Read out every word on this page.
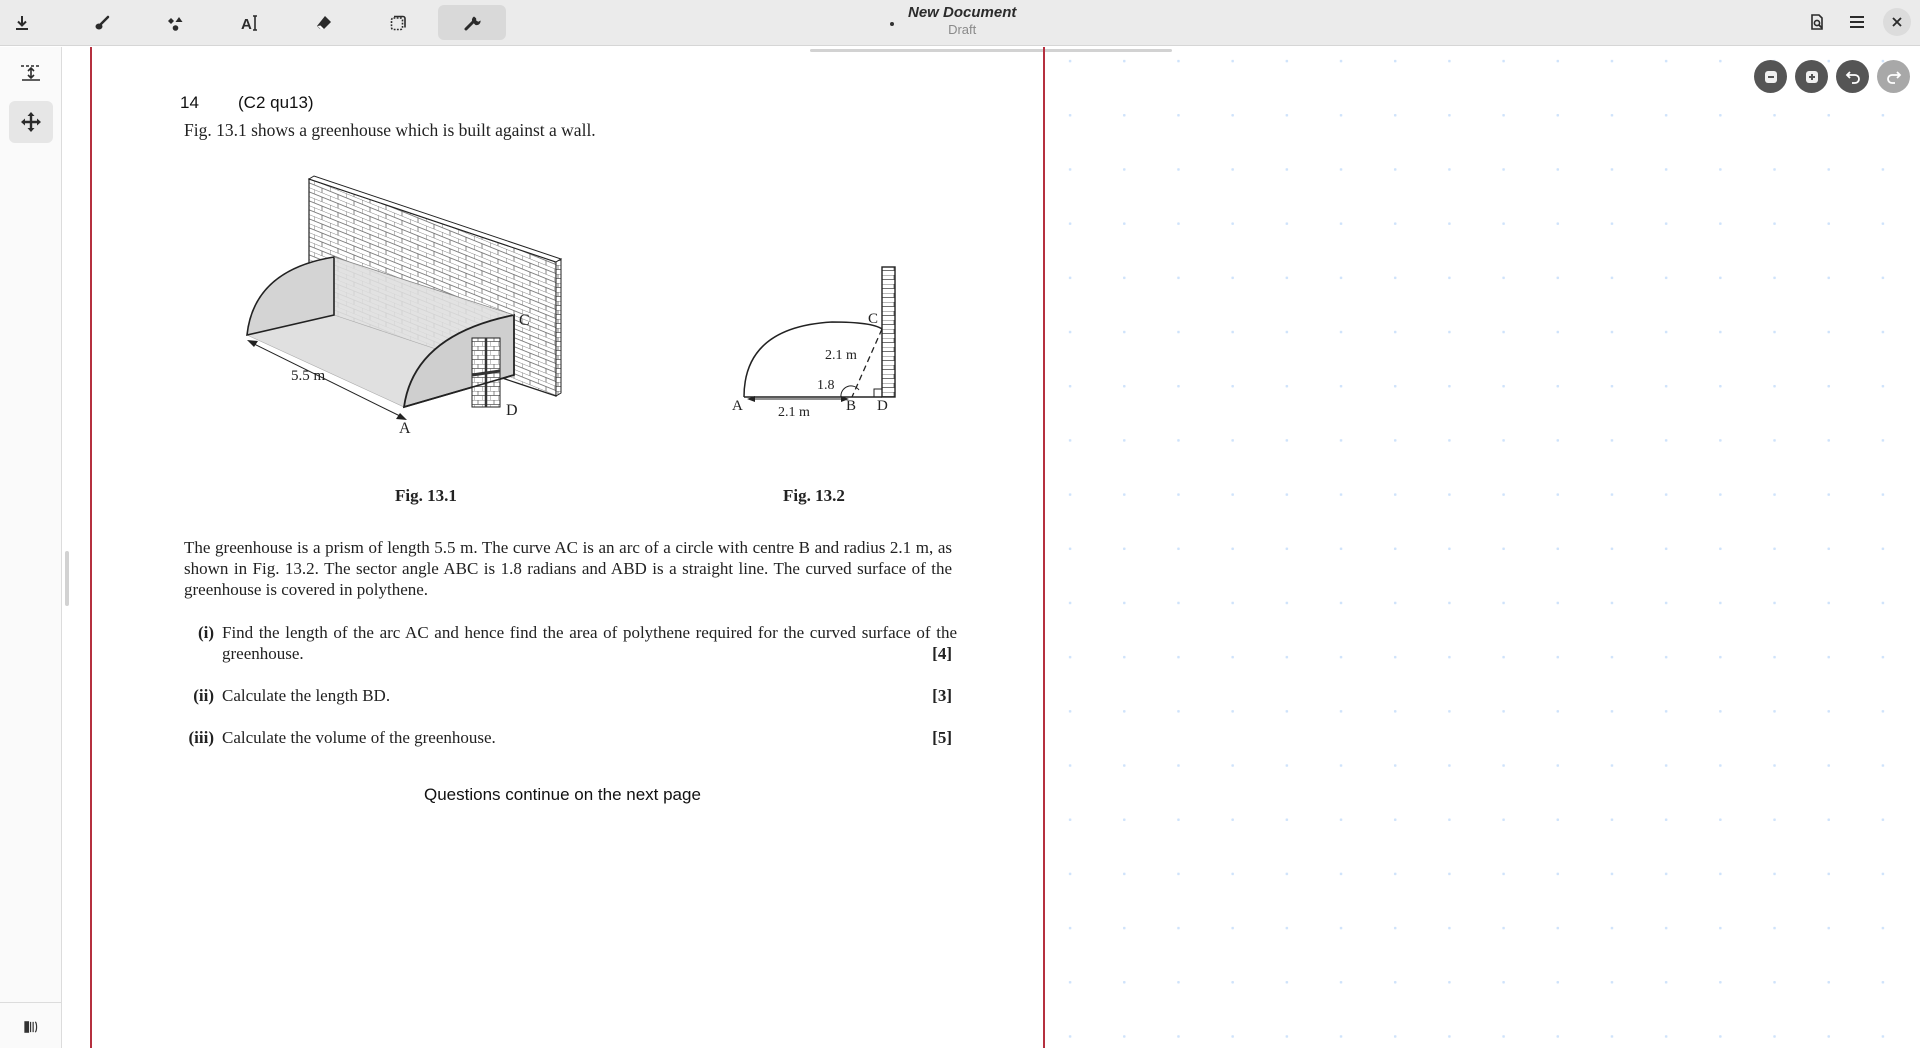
A
New Document
Draft
14 (C2 qu13)
Fig. 13.1 shows a greenhouse which is built against a wall.
5.5 m
C
D
A
Fig. 13.1
C
2.1 m
1.8
A	2.1 m B D
Fig. 13.2
The greenhouse is a prism of length 5.5 m. The curve AC is an arc of a circle with centre B and radius 2.1 m, as shown in Fig. 13.2. The sector angle ABC is 1.8 radians and ABD is a straight line. The curved surface of the greenhouse is covered in polythene.
(i) Find the length of the arc AC and hence find the area of polythene required for the curved surface of the greenhouse.	[4]
(ii) Calculate the length BD.	[3]
(iii) Calculate the volume of the greenhouse.	[5]
Questions continue on the next page
